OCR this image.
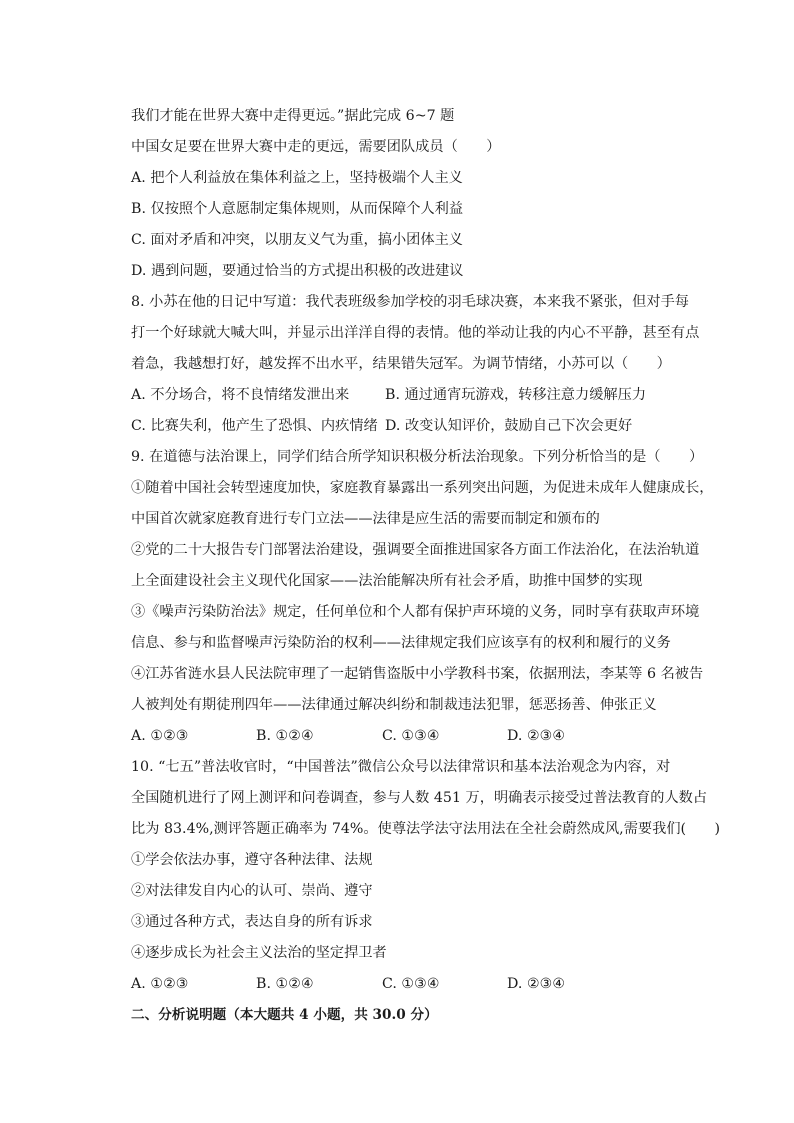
我们才能在世界大赛中走得更远。”据此完成 6~7 题
中国女足要在世界大赛中走的更远，需要团队成员（　　）
A. 把个人利益放在集体利益之上，坚持极端个人主义
B. 仅按照个人意愿制定集体规则，从而保障个人利益
C. 面对矛盾和冲突，以朋友义气为重，搞小团体主义
D. 遇到问题，要通过恰当的方式提出积极的改进建议
8. 小苏在他的日记中写道：我代表班级参加学校的羽毛球决赛，本来我不紧张，但对手每
打一个好球就大喊大叫，并显示出洋洋自得的表情。他的举动让我的内心不平静，甚至有点
着急，我越想打好，越发挥不出水平，结果错失冠军。为调节情绪，小苏可以（　　）
A. 不分场合，将不良情绪发泄出来	B. 通过通宵玩游戏，转移注意力缓解压力
C. 比赛失利，他产生了恐惧、内疚情绪 D. 改变认知评价，鼓励自己下次会更好
9. 在道德与法治课上，同学们结合所学知识积极分析法治现象。下列分析恰当的是（　　）
①随着中国社会转型速度加快，家庭教育暴露出一系列突出问题，为促进未成年人健康成长，
中国首次就家庭教育进行专门立法——法律是应生活的需要而制定和颁布的
②党的二十大报告专门部署法治建设，强调要全面推进国家各方面工作法治化，在法治轨道
上全面建设社会主义现代化国家——法治能解决所有社会矛盾，助推中国梦的实现
③《噪声污染防治法》规定，任何单位和个人都有保护声环境的义务，同时享有获取声环境
信息、参与和监督噪声污染防治的权利——法律规定我们应该享有的权利和履行的义务
④江苏省涟水县人民法院审理了一起销售盗版中小学教科书案，依据刑法，李某等 6 名被告
人被判处有期徒刑四年——法律通过解决纠纷和制裁违法犯罪，惩恶扬善、伸张正义
A. ①②③	B. ①②④	C. ①③④	D. ②③④
10. “七五”普法收官时，“中国普法”微信公众号以法律常识和基本法治观念为内容，对
全国随机进行了网上测评和问卷调查，参与人数 451 万，明确表示接受过普法教育的人数占
比为 83.4%,测评答题正确率为 74%。使尊法学法守法用法在全社会蔚然成风,需要我们(　　)
①学会依法办事，遵守各种法律、法规
②对法律发自内心的认可、崇尚、遵守
③通过各种方式，表达自身的所有诉求
④逐步成长为社会主义法治的坚定捍卫者
A. ①②③	B. ①②④	C. ①③④	D. ②③④
二、分析说明题（本大题共 4 小题，共 30.0 分）
